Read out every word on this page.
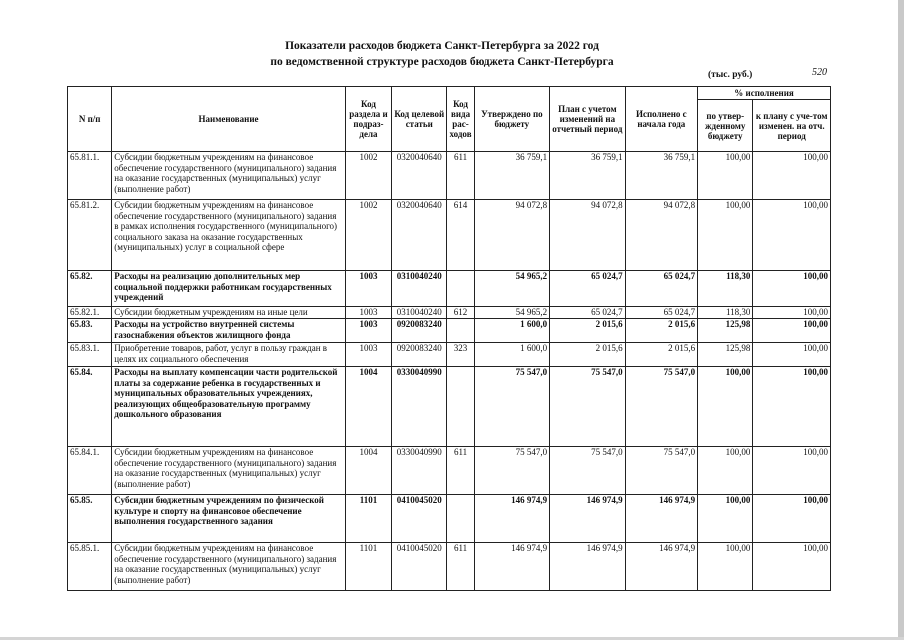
Показатели расходов бюджета Санкт-Петербурга за 2022 год
по ведомственной структуре расходов бюджета Санкт-Петербурга
(тыс. руб.)	520
N п/п	Наименование	Код раздела и подраз-дела	Код целевой статьи	Код вида рас-ходов	Утверждено по бюджету	План с учетом изменений на отчетный период	Исполнено с начала года	% исполнения	
								по утвер-жденному бюджету	к плану с уче-том изменен. на отч. период
65.81.1.	Субсидии бюджетным учреждениям на финансовое обеспечение государственного (муниципального) задания на оказание государственных (муниципальных) услуг (выполнение работ)	1002	0320040640	611	36 759,1	36 759,1	36 759,1	100,00	100,00
65.81.2.	Субсидии бюджетным учреждениям на финансовое обеспечение государственного (муниципального) задания в рамках исполнения государственного (муниципального) социального заказа на оказание государственных (муниципальных) услуг в социальной сфере	1002	0320040640	614	94 072,8	94 072,8	94 072,8	100,00	100,00
65.82.	Расходы на реализацию дополнительных мер социальной поддержки работникам государственных учреждений	1003	0310040240		54 965,2	65 024,7	65 024,7	118,30	100,00
65.82.1.	Субсидии бюджетным учреждениям на иные цели	1003	0310040240	612	54 965,2	65 024,7	65 024,7	118,30	100,00
65.83.	Расходы на устройство внутренней системы газоснабжения объектов жилищного фонда	1003	0920083240		1 600,0	2 015,6	2 015,6	125,98	100,00
65.83.1.	Приобретение товаров, работ, услуг в пользу граждан в целях их социального обеспечения	1003	0920083240	323	1 600,0	2 015,6	2 015,6	125,98	100,00
65.84.	Расходы на выплату компенсации части родительской платы за содержание ребенка в государственных и муниципальных образовательных учреждениях, реализующих общеобразовательную программу дошкольного образования	1004	0330040990		75 547,0	75 547,0	75 547,0	100,00	100,00
65.84.1.	Субсидии бюджетным учреждениям на финансовое обеспечение государственного (муниципального) задания на оказание государственных (муниципальных) услуг (выполнение работ)	1004	0330040990	611	75 547,0	75 547,0	75 547,0	100,00	100,00
65.85.	Субсидии бюджетным учреждениям по физической культуре и спорту на финансовое обеспечение выполнения государственного задания	1101	0410045020		146 974,9	146 974,9	146 974,9	100,00	100,00
65.85.1.	Субсидии бюджетным учреждениям на финансовое обеспечение государственного (муниципального) задания на оказание государственных (муниципальных) услуг (выполнение работ)	1101	0410045020	611	146 974,9	146 974,9	146 974,9	100,00	100,00
